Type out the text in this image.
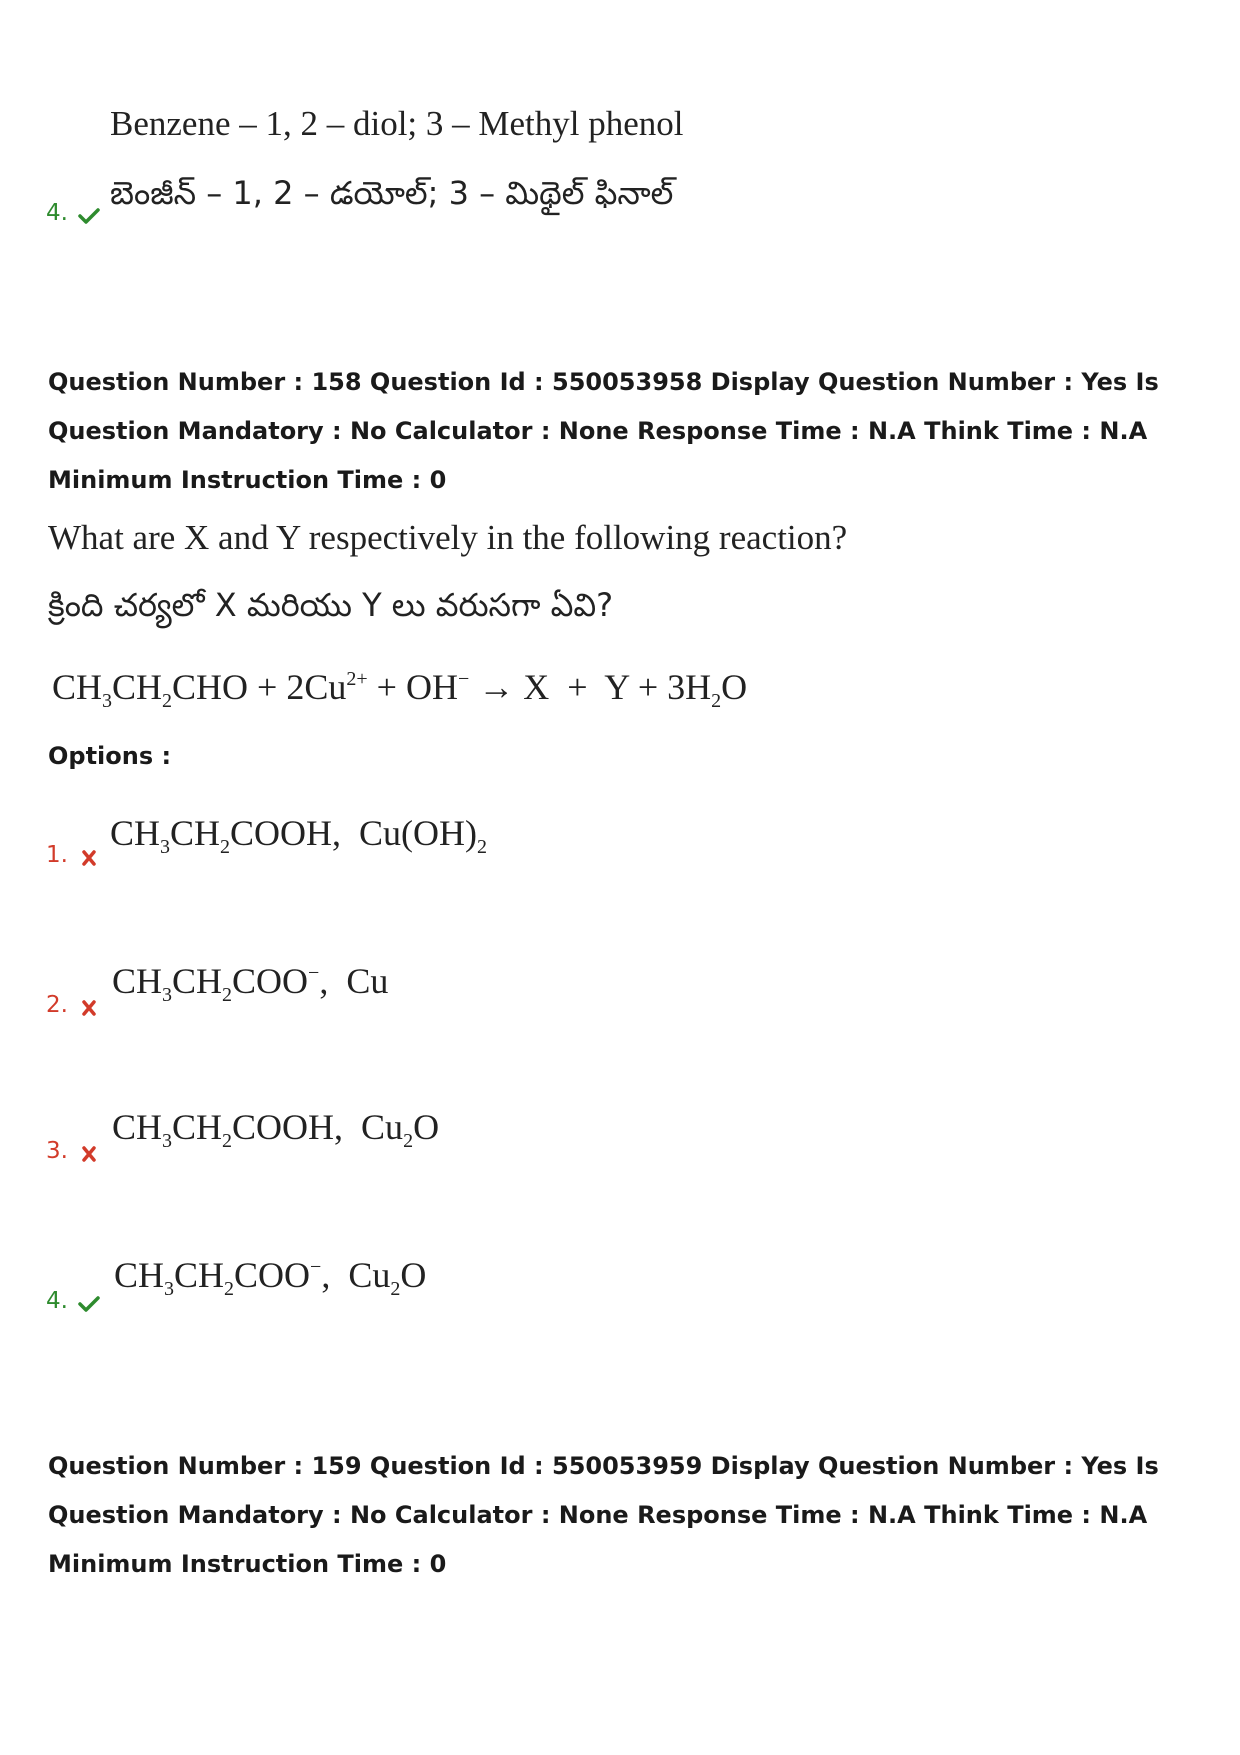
Benzene – 1, 2 – diol; 3 – Methyl phenol
4.
బెంజీన్ – 1, 2 – డయోల్; 3 – మిథైల్ ఫినాల్
Question Number : 158 Question Id : 550053958 Display Question Number : Yes Is Question Mandatory : No Calculator : None Response Time : N.A Think Time : N.A Minimum Instruction Time : 0
What are X and Y respectively in the following reaction?
క్రింది చర్యలో X మరియు Y లు వరుసగా ఏవి?
$CH_3CH_2CHO + 2Cu^{2+} + OH^- \to X + Y + 3H_2O$
Options :
1.
$CH_3CH_2COOH$,  $Cu(OH)_2$
2.
$CH_3CH_2COO^-$,  Cu
3.
$CH_3CH_2COOH$,  $Cu_2O$
4.
$CH_3CH_2COO^-$,  $Cu_2O$
Question Number : 159 Question Id : 550053959 Display Question Number : Yes Is Question Mandatory : No Calculator : None Response Time : N.A Think Time : N.A Minimum Instruction Time : 0
